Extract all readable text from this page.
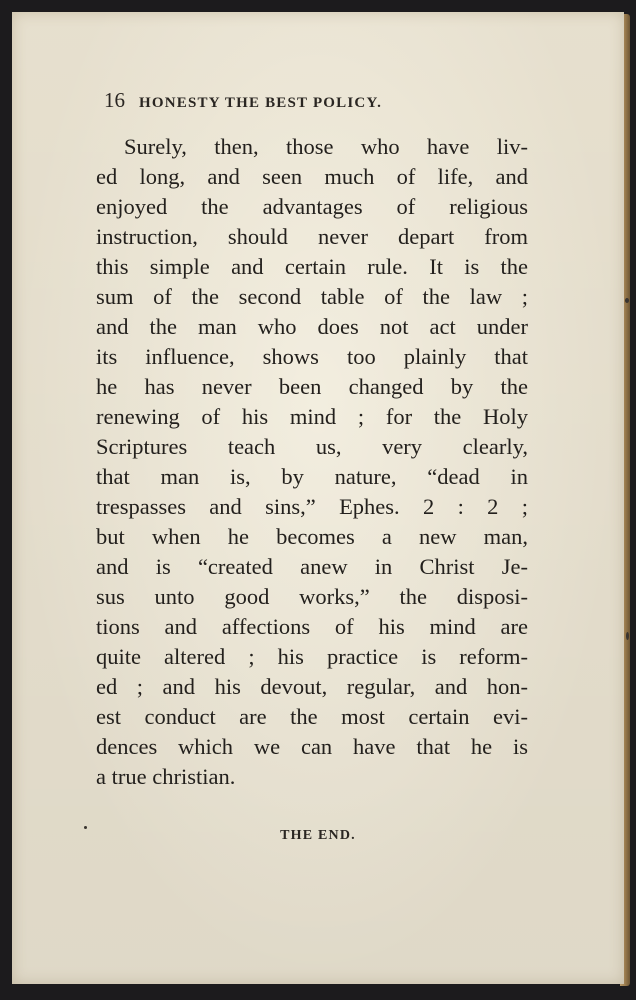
16 HONESTY THE BEST POLICY.
Surely, then, those who have liv-
ed long, and seen much of life, and
enjoyed the advantages of religious
instruction, should never depart from
this simple and certain rule. It is the
sum of the second table of the law ;
and the man who does not act under
its influence, shows too plainly that
he has never been changed by the
renewing of his mind ; for the Holy
Scriptures teach us, very clearly,
that man is, by nature, “dead in
trespasses and sins,” Ephes. 2 : 2 ;
but when he becomes a new man,
and is “created anew in Christ Je-
sus unto good works,” the disposi-
tions and affections of his mind are
quite altered ; his practice is reform-
ed ; and his devout, regular, and hon-
est conduct are the most certain evi-
dences which we can have that he is
a true christian.
THE END.
